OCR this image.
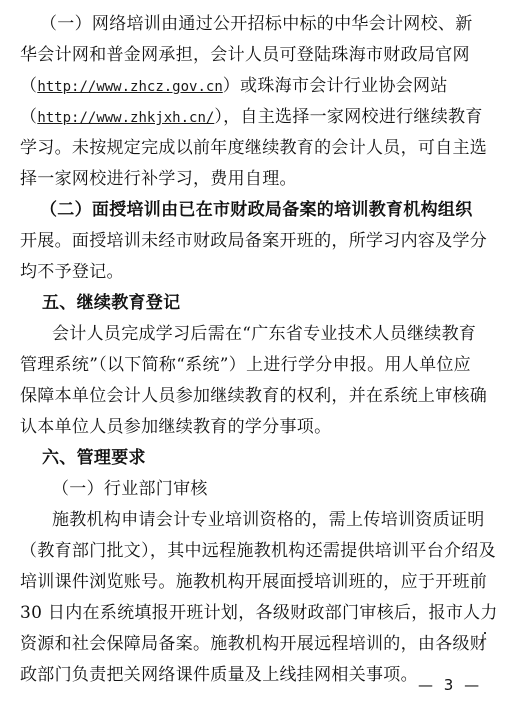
（一）网络培训由通过公开招标中标的中华会计网校、新
华会计网和普金网承担，会计人员可登陆珠海市财政局官网
（http://www.zhcz.gov.cn）或珠海市会计行业协会网站
（http://www.zhkjxh.cn/），自主选择一家网校进行继续教育
学习。未按规定完成以前年度继续教育的会计人员，可自主选
择一家网校进行补学习，费用自理。
（二）面授培训由已在市财政局备案的培训教育机构组织
开展。面授培训未经市财政局备案开班的，所学习内容及学分
均不予登记。
五、继续教育登记
会计人员完成学习后需在“广东省专业技术人员继续教育
管理系统”（以下简称“系统”）上进行学分申报。用人单位应
保障本单位会计人员参加继续教育的权利，并在系统上审核确
认本单位人员参加继续教育的学分事项。
六、管理要求
（一）行业部门审核
施教机构申请会计专业培训资格的，需上传培训资质证明
（教育部门批文），其中远程施教机构还需提供培训平台介绍及
培训课件浏览账号。施教机构开展面授培训班的，应于开班前
30 日内在系统填报开班计划，各级财政部门审核后，报市人力
资源和社会保障局备案。施教机构开展远程培训的，由各级财
政部门负责把关网络课件质量及上线挂网相关事项。 — 3 —
